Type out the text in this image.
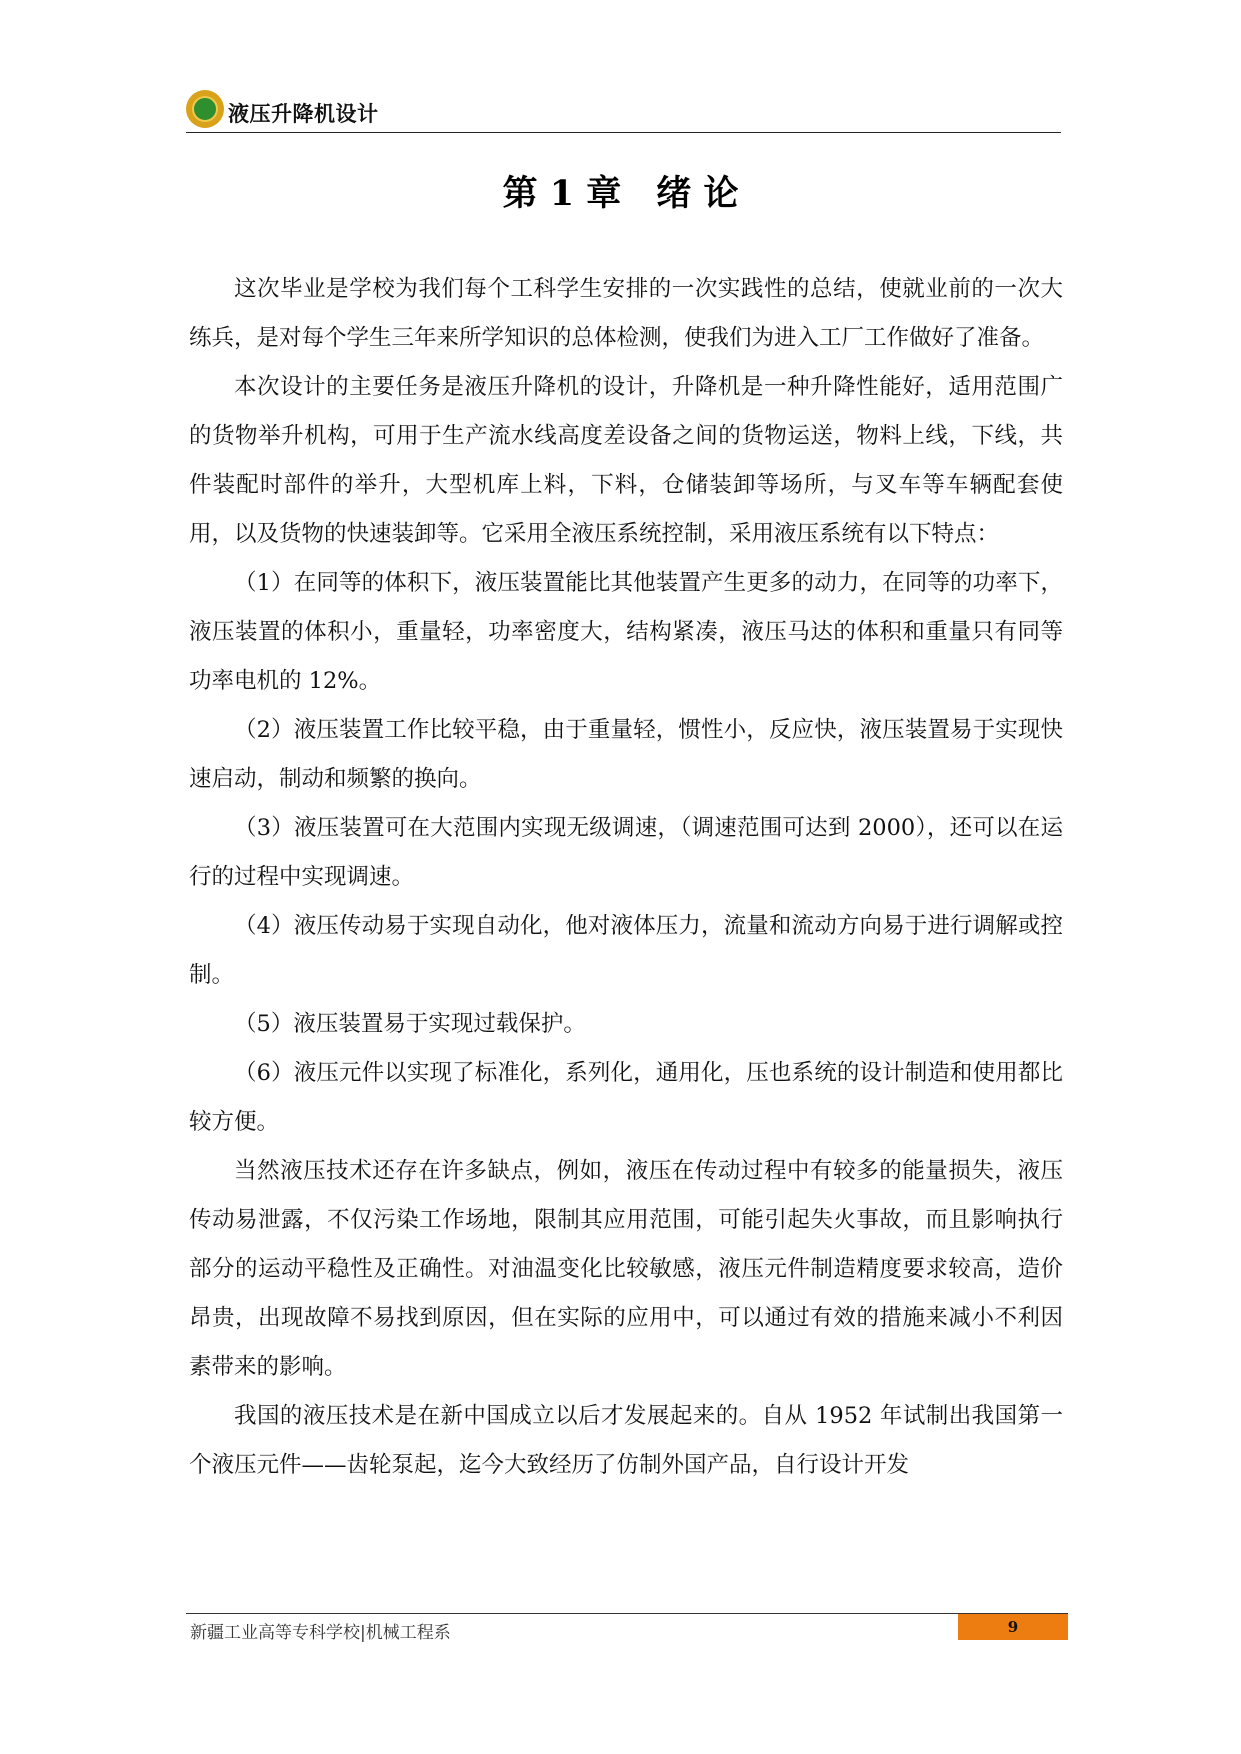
液压升降机设计
第 1 章　绪 论

这次毕业是学校为我们每个工科学生安排的一次实践性的总结，使就业前的一次大练兵，是对每个学生三年来所学知识的总体检测，使我们为进入工厂工作做好了准备。

本次设计的主要任务是液压升降机的设计，升降机是一种升降性能好，适用范围广的货物举升机构，可用于生产流水线高度差设备之间的货物运送，物料上线，下线，共件装配时部件的举升，大型机库上料，下料，仓储装卸等场所，与叉车等车辆配套使用，以及货物的快速装卸等。它采用全液压系统控制，采用液压系统有以下特点：

（1）在同等的体积下，液压装置能比其他装置产生更多的动力，在同等的功率下，液压装置的体积小，重量轻，功率密度大，结构紧凑，液压马达的体积和重量只有同等功率电机的 12%。

（2）液压装置工作比较平稳，由于重量轻，惯性小，反应快，液压装置易于实现快速启动，制动和频繁的换向。

（3）液压装置可在大范围内实现无级调速，（调速范围可达到 2000），还可以在运行的过程中实现调速。

（4）液压传动易于实现自动化，他对液体压力，流量和流动方向易于进行调解或控制。

（5）液压装置易于实现过载保护。

（6）液压元件以实现了标准化，系列化，通用化，压也系统的设计制造和使用都比较方便。

当然液压技术还存在许多缺点，例如，液压在传动过程中有较多的能量损失，液压传动易泄露，不仅污染工作场地，限制其应用范围，可能引起失火事故，而且影响执行部分的运动平稳性及正确性。对油温变化比较敏感，液压元件制造精度要求较高，造价昂贵，出现故障不易找到原因，但在实际的应用中，可以通过有效的措施来减小不利因素带来的影响。

我国的液压技术是在新中国成立以后才发展起来的。自从 1952 年试制出我国第一个液压元件——齿轮泵起，迄今大致经历了仿制外国产品，自行设计开发

新疆工业高等专科学校|机械工程系	9
